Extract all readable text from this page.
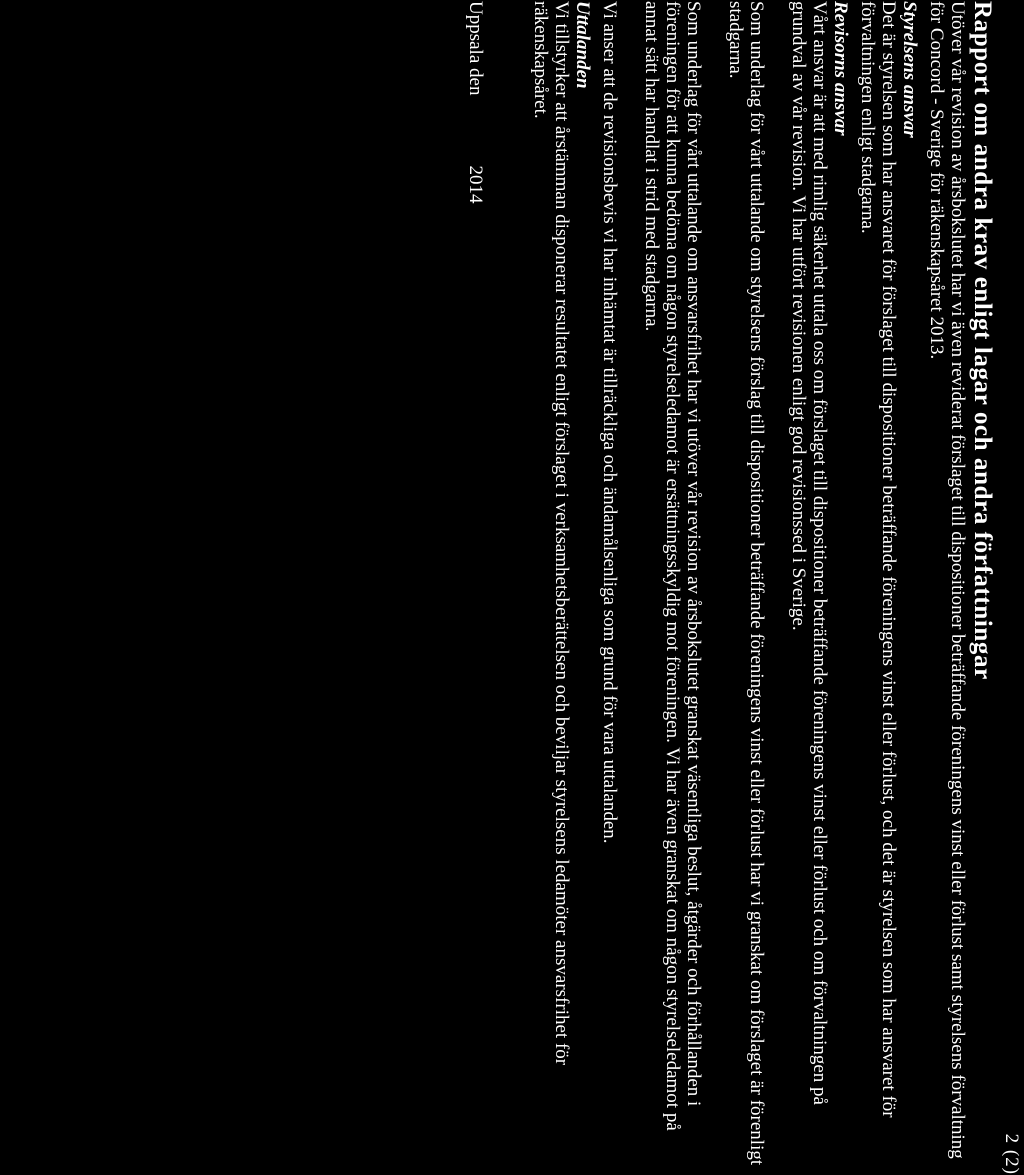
2 (2)
Rapport om andra krav enligt lagar och andra författningar

Utöver vår revision av årsbokslutet har vi även reviderat förslaget till dispositioner beträffande föreningens vinst eller förlust samt styrelsens förvaltning för Concord - Sverige för räkenskapsåret 2013.

Styrelsens ansvar

Det är styrelsen som har ansvaret för förslaget till dispositioner beträffande föreningens vinst eller förlust, och det är styrelsen som har ansvaret för förvaltningen enligt stadgarna.

Revisorns ansvar

Vårt ansvar är att med rimlig säkerhet uttala oss om förslaget till dispositioner beträffande föreningens vinst eller förlust och om förvaltningen på grundval av vår revision. Vi har utfört revisionen enligt god revisionssed i Sverige.

Som underlag för vårt uttalande om styrelsens förslag till dispositioner beträffande föreningens vinst eller förlust har vi granskat om förslaget är förenligt stadgarna.

Som underlag för vårt uttalande om ansvarsfrihet har vi utöver vår revision av årsbokslutet granskat väsentliga beslut, åtgärder och förhållanden i föreningen för att kunna bedöma om någon styrelseledamot är ersättningsskyldig mot föreningen. Vi har även granskat om någon styrelseledamot på annat sätt har handlat i strid med stadgarna.

Vi anser att de revisionsbevis vi har inhämtat är tillräckliga och ändamålsenliga som grund för vara uttalanden.

Uttalanden

Vi tillstyrker att årstämman disponerar resultatet enligt förslaget i verksamhetsberättelsen och beviljar styrelsens ledamöter ansvarsfrihet för räkenskapsåret.

Uppsala den2014
